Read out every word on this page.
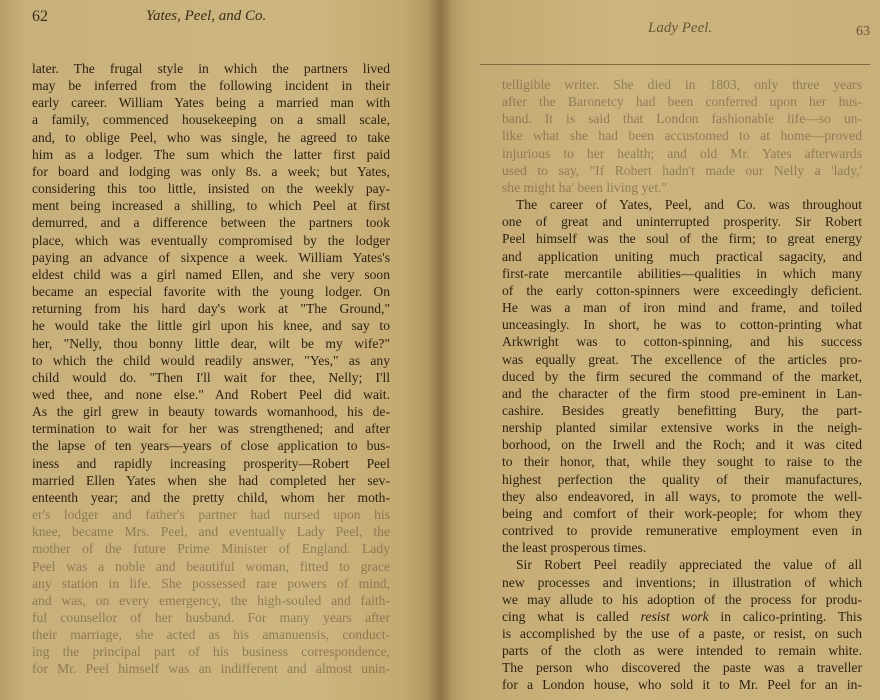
62	Yates, Peel, and Co.
later. The frugal style in which the partners lived
may be inferred from the following incident in their
early career. William Yates being a married man with
a family, commenced housekeeping on a small scale,
and, to oblige Peel, who was single, he agreed to take
him as a lodger. The sum which the latter first paid
for board and lodging was only 8s. a week; but Yates,
considering this too little, insisted on the weekly pay-
ment being increased a shilling, to which Peel at first
demurred, and a difference between the partners took
place, which was eventually compromised by the lodger
paying an advance of sixpence a week. William Yates's
eldest child was a girl named Ellen, and she very soon
became an especial favorite with the young lodger. On
returning from his hard day's work at "The Ground,"
he would take the little girl upon his knee, and say to
her, "Nelly, thou bonny little dear, wilt be my wife?"
to which the child would readily answer, "Yes," as any
child would do. "Then I'll wait for thee, Nelly; I'll
wed thee, and none else." And Robert Peel did wait.
As the girl grew in beauty towards womanhood, his de-
termination to wait for her was strengthened; and after
the lapse of ten years—years of close application to bus-
iness and rapidly increasing prosperity—Robert Peel
married Ellen Yates when she had completed her sev-
enteenth year; and the pretty child, whom her moth-
er's lodger and father's partner had nursed upon his
knee, became Mrs. Peel, and eventually Lady Peel, the
mother of the future Prime Minister of England. Lady
Peel was a noble and beautiful woman, fitted to grace
any station in life. She possessed rare powers of mind,
and was, on every emergency, the high-souled and faith-
ful counsellor of her husband. For many years after
their marriage, she acted as his amanuensis, conduct-
ing the principal part of his business correspondence,
for Mr. Peel himself was an indifferent and almost unin-
Lady Peel.	63
telligible writer. She died in 1803, only three years
after the Baronetcy had been conferred upon her hus-
band. It is said that London fashionable life—so un-
like what she had been accustomed to at home—proved
injurious to her health; and old Mr. Yates afterwards
used to say, "If Robert hadn't made our Nelly a 'lady,'
she might ha' been living yet."
The career of Yates, Peel, and Co. was throughout
one of great and uninterrupted prosperity. Sir Robert
Peel himself was the soul of the firm; to great energy
and application uniting much practical sagacity, and
first-rate mercantile abilities—qualities in which many
of the early cotton-spinners were exceedingly deficient.
He was a man of iron mind and frame, and toiled
unceasingly. In short, he was to cotton-printing what
Arkwright was to cotton-spinning, and his success
was equally great. The excellence of the articles pro-
duced by the firm secured the command of the market,
and the character of the firm stood pre-eminent in Lan-
cashire. Besides greatly benefitting Bury, the part-
nership planted similar extensive works in the neigh-
borhood, on the Irwell and the Roch; and it was cited
to their honor, that, while they sought to raise to the
highest perfection the quality of their manufactures,
they also endeavored, in all ways, to promote the well-
being and comfort of their work-people; for whom they
contrived to provide remunerative employment even in
the least prosperous times.
Sir Robert Peel readily appreciated the value of all
new processes and inventions; in illustration of which
we may allude to his adoption of the process for produ-
cing what is called resist work in calico-printing. This
is accomplished by the use of a paste, or resist, on such
parts of the cloth as were intended to remain white.
The person who discovered the paste was a traveller
for a London house, who sold it to Mr. Peel for an in-
